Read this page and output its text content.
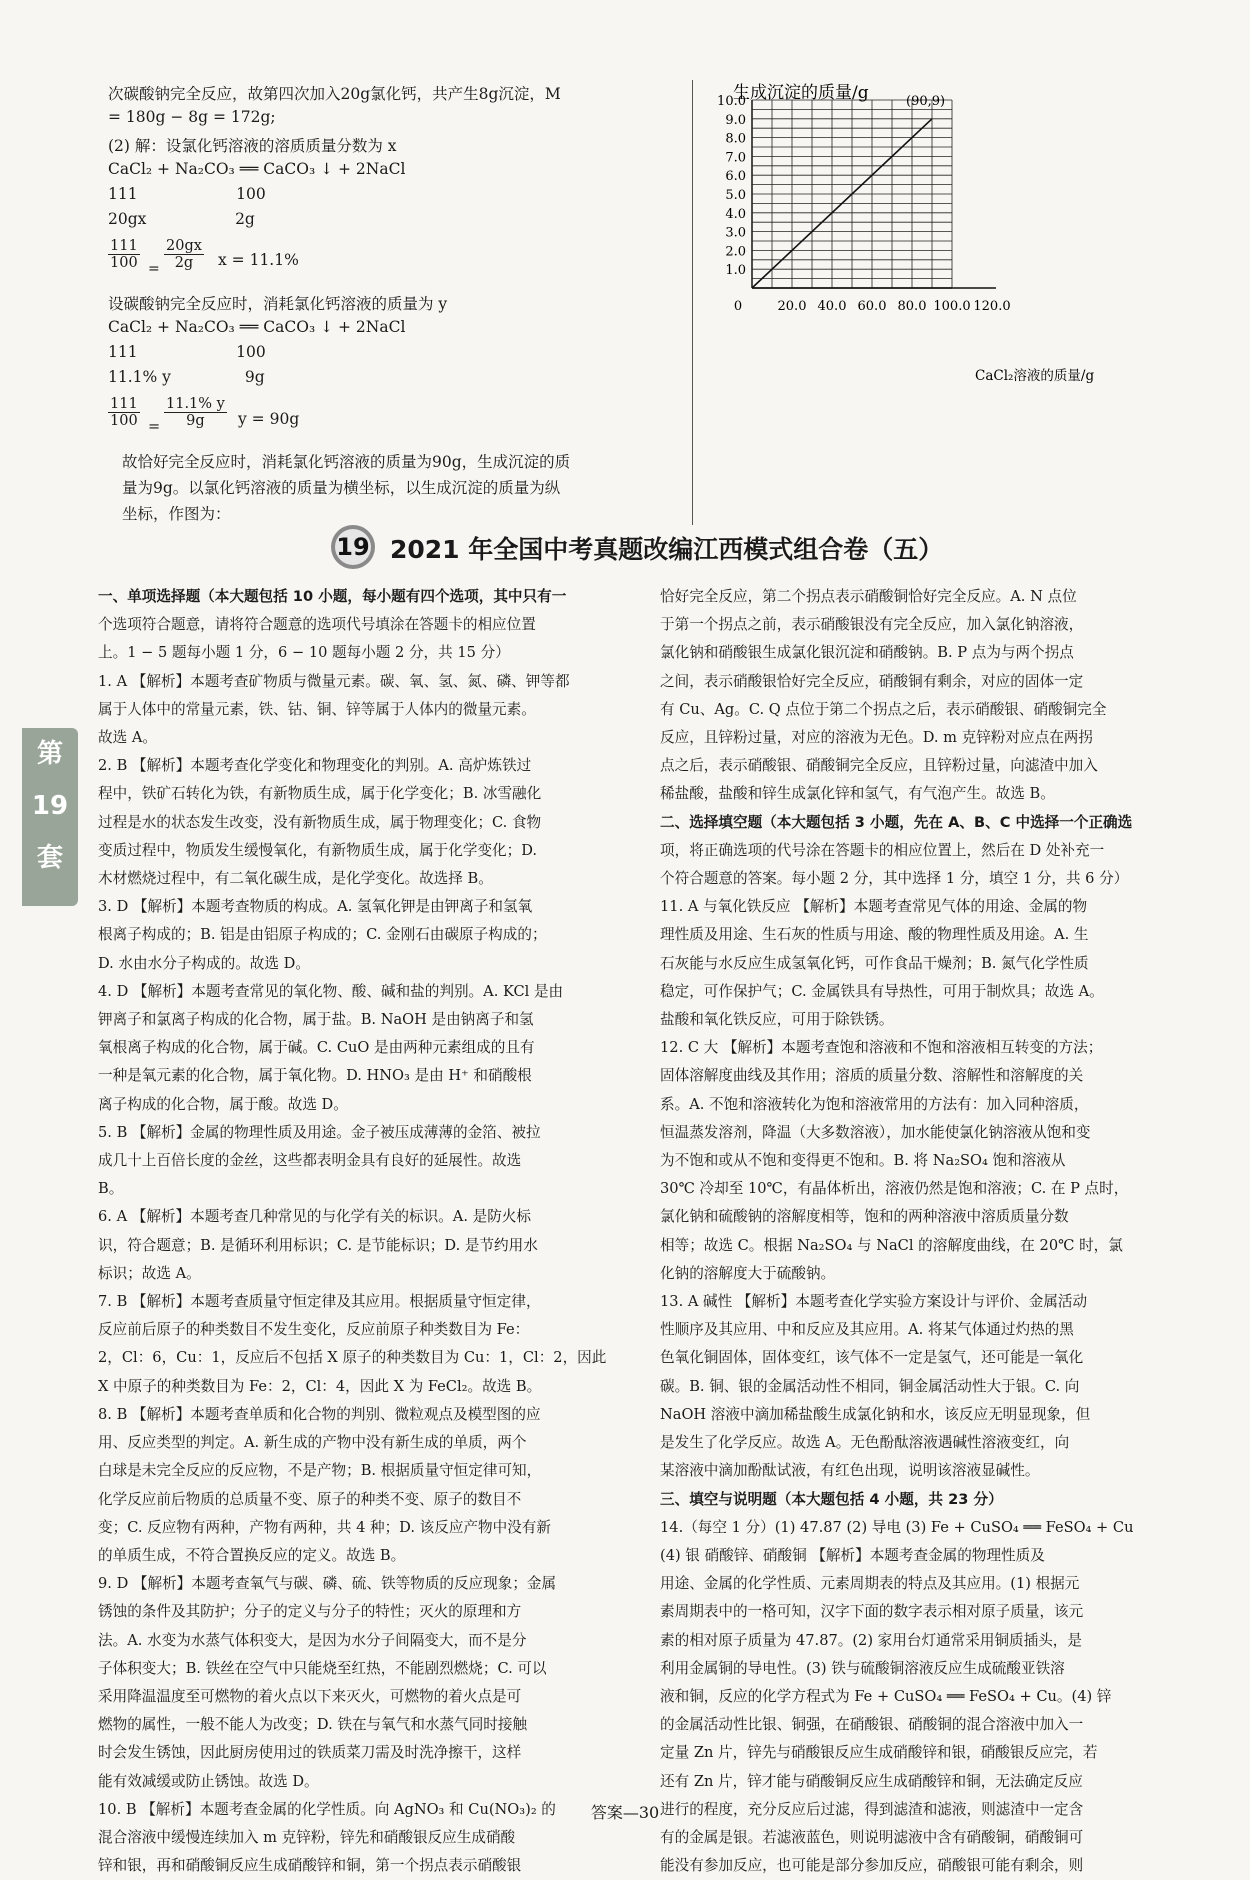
次碳酸钠完全反应，故第四次加入20g氯化钙，共产生8g沉淀，M
= 180g − 8g = 172g;
(2) 解：设氯化钙溶液的溶质质量分数为 x
CaCl₂ + Na₂CO₃ ══ CaCO₃ ↓ + 2NaCl
111                    100
20gx                  2g
$\frac{111}{100} = \frac{20gx}{2g}$ x = 11.1%
设碳酸钠完全反应时，消耗氯化钙溶液的质量为 y
CaCl₂ + Na₂CO₃ ══ CaCO₃ ↓ + 2NaCl
111                    100
11.1% y               9g
$\frac{111}{100} = \frac{11.1\% y}{9g}$ y = 90g
故恰好完全反应时，消耗氯化钙溶液的质量为90g，生成沉淀的质
量为9g。以氯化钙溶液的质量为横坐标，以生成沉淀的质量为纵
坐标，作图为：
生成沉淀的质量/g
1.0
2.0
3.0
4.0
5.0
6.0
7.0
8.0
9.0
10.0
0	20.0 40.0 60.0 80.0 100.0 120.0
(90,9)
CaCl₂溶液的质量/g
19 2021 年全国中考真题改编江西模式组合卷（五）
第
19
套
一、单项选择题（本大题包括 10 小题，每小题有四个选项，其中只有一
个选项符合题意，请将符合题意的选项代号填涂在答题卡的相应位置
上。1 − 5 题每小题 1 分，6 − 10 题每小题 2 分，共 15 分）
1. A 【解析】本题考查矿物质与微量元素。碳、氧、氢、氮、磷、钾等都
属于人体中的常量元素，铁、钴、铜、锌等属于人体内的微量元素。
故选 A。
2. B 【解析】本题考查化学变化和物理变化的判别。A. 高炉炼铁过
程中，铁矿石转化为铁，有新物质生成，属于化学变化；B. 冰雪融化
过程是水的状态发生改变，没有新物质生成，属于物理变化；C. 食物
变质过程中，物质发生缓慢氧化，有新物质生成，属于化学变化；D.
木材燃烧过程中，有二氧化碳生成，是化学变化。故选择 B。
3. D 【解析】本题考查物质的构成。A. 氢氧化钾是由钾离子和氢氧
根离子构成的；B. 铝是由铝原子构成的；C. 金刚石由碳原子构成的；
D. 水由水分子构成的。故选 D。
4. D 【解析】本题考查常见的氧化物、酸、碱和盐的判别。A. KCl 是由
钾离子和氯离子构成的化合物，属于盐。B. NaOH 是由钠离子和氢
氧根离子构成的化合物，属于碱。C. CuO 是由两种元素组成的且有
一种是氧元素的化合物，属于氧化物。D. HNO₃ 是由 H⁺ 和硝酸根
离子构成的化合物，属于酸。故选 D。
5. B 【解析】金属的物理性质及用途。金子被压成薄薄的金箔、被拉
成几十上百倍长度的金丝，这些都表明金具有良好的延展性。故选
B。
6. A 【解析】本题考查几种常见的与化学有关的标识。A. 是防火标
识，符合题意；B. 是循环利用标识；C. 是节能标识；D. 是节约用水
标识；故选 A。
7. B 【解析】本题考查质量守恒定律及其应用。根据质量守恒定律，
反应前后原子的种类数目不发生变化，反应前原子种类数目为 Fe：
2，Cl：6，Cu：1，反应后不包括 X 原子的种类数目为 Cu：1，Cl：2，因此
X 中原子的种类数目为 Fe：2，Cl：4，因此 X 为 FeCl₂。故选 B。
8. B 【解析】本题考查单质和化合物的判别、微粒观点及模型图的应
用、反应类型的判定。A. 新生成的产物中没有新生成的单质，两个
白球是未完全反应的反应物，不是产物；B. 根据质量守恒定律可知，
化学反应前后物质的总质量不变、原子的种类不变、原子的数目不
变；C. 反应物有两种，产物有两种，共 4 种；D. 该反应产物中没有新
的单质生成，不符合置换反应的定义。故选 B。
9. D 【解析】本题考查氧气与碳、磷、硫、铁等物质的反应现象；金属
锈蚀的条件及其防护；分子的定义与分子的特性；灭火的原理和方
法。A. 水变为水蒸气体积变大，是因为水分子间隔变大，而不是分
子体积变大；B. 铁丝在空气中只能烧至红热，不能剧烈燃烧；C. 可以
采用降温温度至可燃物的着火点以下来灭火，可燃物的着火点是可
燃物的属性，一般不能人为改变；D. 铁在与氧气和水蒸气同时接触
时会发生锈蚀，因此厨房使用过的铁质菜刀需及时洗净擦干，这样
能有效减缓或防止锈蚀。故选 D。
10. B 【解析】本题考查金属的化学性质。向 AgNO₃ 和 Cu(NO₃)₂ 的
混合溶液中缓慢连续加入 m 克锌粉，锌先和硝酸银反应生成硝酸
锌和银，再和硝酸铜反应生成硝酸锌和铜，第一个拐点表示硝酸银
恰好完全反应，第二个拐点表示硝酸铜恰好完全反应。A. N 点位
于第一个拐点之前，表示硝酸银没有完全反应，加入氯化钠溶液，
氯化钠和硝酸银生成氯化银沉淀和硝酸钠。B. P 点为与两个拐点
之间，表示硝酸银恰好完全反应，硝酸铜有剩余，对应的固体一定
有 Cu、Ag。C. Q 点位于第二个拐点之后，表示硝酸银、硝酸铜完全
反应，且锌粉过量，对应的溶液为无色。D. m 克锌粉对应点在两拐
点之后，表示硝酸银、硝酸铜完全反应，且锌粉过量，向滤渣中加入
稀盐酸，盐酸和锌生成氯化锌和氢气，有气泡产生。故选 B。
二、选择填空题（本大题包括 3 小题，先在 A、B、C 中选择一个正确选
项，将正确选项的代号涂在答题卡的相应位置上，然后在 D 处补充一
个符合题意的答案。每小题 2 分，其中选择 1 分，填空 1 分，共 6 分）
11. A 与氧化铁反应 【解析】本题考查常见气体的用途、金属的物
理性质及用途、生石灰的性质与用途、酸的物理性质及用途。A. 生
石灰能与水反应生成氢氧化钙，可作食品干燥剂；B. 氮气化学性质
稳定，可作保护气；C. 金属铁具有导热性，可用于制炊具；故选 A。
盐酸和氧化铁反应，可用于除铁锈。
12. C 大 【解析】本题考查饱和溶液和不饱和溶液相互转变的方法；
固体溶解度曲线及其作用；溶质的质量分数、溶解性和溶解度的关
系。A. 不饱和溶液转化为饱和溶液常用的方法有：加入同种溶质，
恒温蒸发溶剂，降温（大多数溶液），加水能使氯化钠溶液从饱和变
为不饱和或从不饱和变得更不饱和。B. 将 Na₂SO₄ 饱和溶液从
30℃ 冷却至 10℃，有晶体析出，溶液仍然是饱和溶液；C. 在 P 点时，
氯化钠和硫酸钠的溶解度相等，饱和的两种溶液中溶质质量分数
相等；故选 C。根据 Na₂SO₄ 与 NaCl 的溶解度曲线，在 20℃ 时，氯
化钠的溶解度大于硫酸钠。
13. A 碱性 【解析】本题考查化学实验方案设计与评价、金属活动
性顺序及其应用、中和反应及其应用。A. 将某气体通过灼热的黑
色氧化铜固体，固体变红，该气体不一定是氢气，还可能是一氧化
碳。B. 铜、银的金属活动性不相同，铜金属活动性大于银。C. 向
NaOH 溶液中滴加稀盐酸生成氯化钠和水，该反应无明显现象，但
是发生了化学反应。故选 A。无色酚酞溶液遇碱性溶液变红，向
某溶液中滴加酚酞试液，有红色出现，说明该溶液显碱性。
三、填空与说明题（本大题包括 4 小题，共 23 分）
14.（每空 1 分）(1) 47.87 (2) 导电 (3) Fe + CuSO₄ ══ FeSO₄ + Cu
(4) 银 硝酸锌、硝酸铜 【解析】本题考查金属的物理性质及
用途、金属的化学性质、元素周期表的特点及其应用。(1) 根据元
素周期表中的一格可知，汉字下面的数字表示相对原子质量，该元
素的相对原子质量为 47.87。(2) 家用台灯通常采用铜质插头，是
利用金属铜的导电性。(3) 铁与硫酸铜溶液反应生成硫酸亚铁溶
液和铜，反应的化学方程式为 Fe + CuSO₄ ══ FeSO₄ + Cu。(4) 锌
的金属活动性比银、铜强，在硝酸银、硝酸铜的混合溶液中加入一
定量 Zn 片，锌先与硝酸银反应生成硝酸锌和银，硝酸银反应完，若
还有 Zn 片，锌才能与硝酸铜反应生成硝酸锌和铜，无法确定反应
进行的程度，充分反应后过滤，得到滤渣和滤液，则滤渣中一定含
有的金属是银。若滤液蓝色，则说明滤液中含有硝酸铜，硝酸铜可
能没有参加反应，也可能是部分参加反应，硝酸银可能有剩余，则
答案—30
